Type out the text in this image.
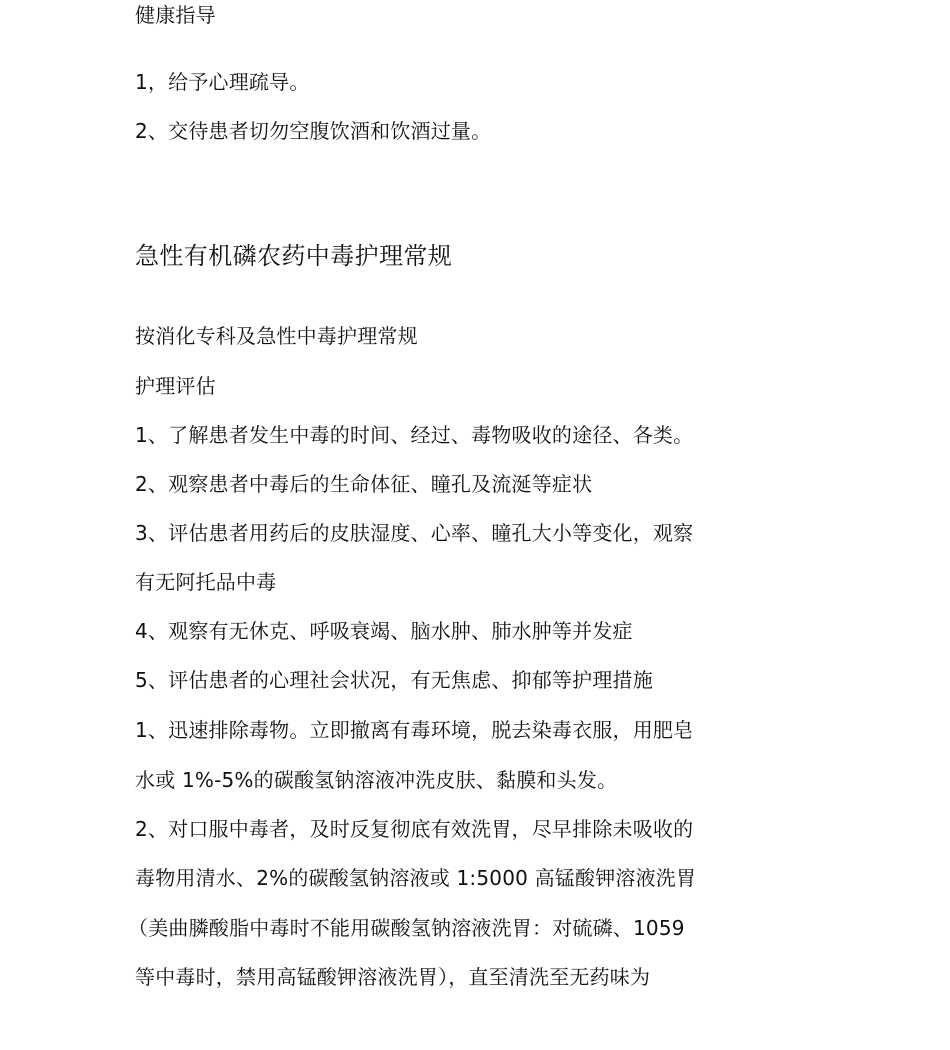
健康指导
1，给予心理疏导。
2、交待患者切勿空腹饮酒和饮酒过量。
急性有机磷农药中毒护理常规
按消化专科及急性中毒护理常规
护理评估
1、了解患者发生中毒的时间、经过、毒物吸收的途径、各类。
2、观察患者中毒后的生命体征、瞳孔及流涎等症状
3、评估患者用药后的皮肤湿度、心率、瞳孔大小等变化，观察
有无阿托品中毒
4、观察有无休克、呼吸衰竭、脑水肿、肺水肿等并发症
5、评估患者的心理社会状况，有无焦虑、抑郁等护理措施
1、迅速排除毒物。立即撤离有毒环境，脱去染毒衣服，用肥皂
水或 1%-5%的碳酸氢钠溶液冲洗皮肤、黏膜和头发。
2、对口服中毒者，及时反复彻底有效洗胃，尽早排除未吸收的
毒物用清水、2%的碳酸氢钠溶液或 1:5000 高锰酸钾溶液洗胃
（美曲膦酸脂中毒时不能用碳酸氢钠溶液洗胃：对硫磷、1059
等中毒时，禁用高锰酸钾溶液洗胃），直至清洗至无药味为
